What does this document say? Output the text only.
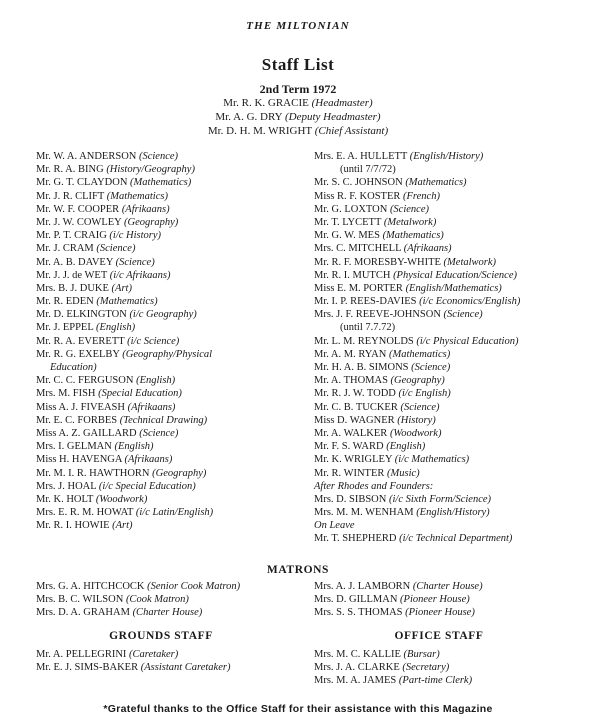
THE MILTONIAN
Staff List
2nd Term 1972
Mr. R. K. GRACIE (Headmaster)
Mr. A. G. DRY (Deputy Headmaster)
Mr. D. H. M. WRIGHT (Chief Assistant)
Mr. W. A. ANDERSON (Science)
Mr. R. A. BING (History/Geography)
Mr. G. T. CLAYDON (Mathematics)
Mr. J. R. CLIFT (Mathematics)
Mr. W. F. COOPER (Afrikaans)
Mr. J. W. COWLEY (Geography)
Mr. P. T. CRAIG (i/c History)
Mr. J. CRAM (Science)
Mr. A. B. DAVEY (Science)
Mr. J. J. de WET (i/c Afrikaans)
Mrs. B. J. DUKE (Art)
Mr. R. EDEN (Mathematics)
Mr. D. ELKINGTON (i/c Geography)
Mr. J. EPPEL (English)
Mr. R. A. EVERETT (i/c Science)
Mr. R. G. EXELBY (Geography/Physical
Education)
Mr. C. C. FERGUSON (English)
Mrs. M. FISH (Special Education)
Miss A. J. FIVEASH (Afrikaans)
Mr. E. C. FORBES (Technical Drawing)
Miss A. Z. GAILLARD (Science)
Mrs. I. GELMAN (English)
Miss H. HAVENGA (Afrikaans)
Mr. M. I. R. HAWTHORN (Geography)
Mrs. J. HOAL (i/c Special Education)
Mr. K. HOLT (Woodwork)
Mrs. E. R. M. HOWAT (i/c Latin/English)
Mr. R. I. HOWIE (Art)
Mrs. E. A. HULLETT (English/History)
(until 7/7/72)
Mr. S. C. JOHNSON (Mathematics)
Miss R. F. KOSTER (French)
Mr. G. LOXTON (Science)
Mr. T. LYCETT (Metalwork)
Mr. G. W. MES (Mathematics)
Mrs. C. MITCHELL (Afrikaans)
Mr. R. F. MORESBY-WHITE (Metalwork)
Mr. R. I. MUTCH (Physical Education/Science)
Miss E. M. PORTER (English/Mathematics)
Mr. I. P. REES-DAVIES (i/c Economics/English)
Mrs. J. F. REEVE-JOHNSON (Science)
(until 7.7.72)
Mr. L. M. REYNOLDS (i/c Physical Education)
Mr. A. M. RYAN (Mathematics)
Mr. H. A. B. SIMONS (Science)
Mr. A. THOMAS (Geography)
Mr. R. J. W. TODD (i/c English)
Mr. C. B. TUCKER (Science)
Miss D. WAGNER (History)
Mr. A. WALKER (Woodwork)
Mr. F. S. WARD (English)
Mr. K. WRIGLEY (i/c Mathematics)
Mr. R. WINTER (Music)
After Rhodes and Founders:
Mrs. D. SIBSON (i/c Sixth Form/Science)
Mrs. M. M. WENHAM (English/History)
On Leave
Mr. T. SHEPHERD (i/c Technical Department)
MATRONS
Mrs. G. A. HITCHCOCK (Senior Cook Matron)
Mrs. B. C. WILSON (Cook Matron)
Mrs. D. A. GRAHAM (Charter House)
Mrs. A. J. LAMBORN (Charter House)
Mrs. D. GILLMAN (Pioneer House)
Mrs. S. S. THOMAS (Pioneer House)
GROUNDS STAFF	OFFICE STAFF
Mr. A. PELLEGRINI (Caretaker)
Mr. E. J. SIMS-BAKER (Assistant Caretaker)
Mrs. M. C. KALLIE (Bursar)
Mrs. J. A. CLARKE (Secretary)
Mrs. M. A. JAMES (Part-time Clerk)
*Grateful thanks to the Office Staff for their assistance with this Magazine
